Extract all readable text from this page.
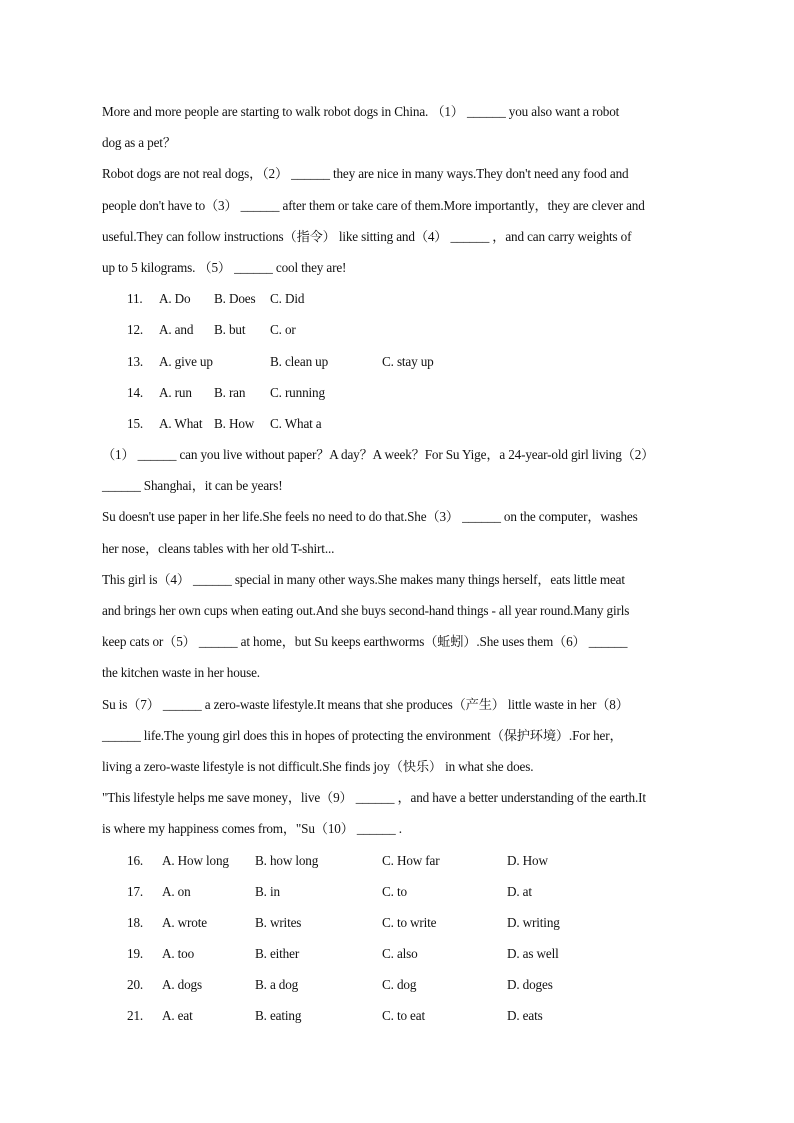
More and more people are starting to walk robot dogs in China. （1） ______ you also want a robot
dog as a pet？
Robot dogs are not real dogs，（2） ______ they are nice in many ways.They don't need any food and
people don't have to（3） ______ after them or take care of them.More importantly，they are clever and
useful.They can follow instructions（指令） like sitting and（4） ______ ，and can carry weights of
up to 5 kilograms. （5） ______ cool they are!
11. A. Do B. Does C. Did
12. A. and B. but C. or
13. A. give up	B. clean up	C. stay up
14. A. run B. ran C. running
15. A. What B. How C. What a
（1） ______ can you live without paper？A day？A week？For Su Yige，a 24-year-old girl living（2）
______ Shanghai，it can be years!
Su doesn't use paper in her life.She feels no need to do that.She（3） ______ on the computer，washes
her nose，cleans tables with her old T-shirt...
This girl is（4） ______ special in many other ways.She makes many things herself，eats little meat
and brings her own cups when eating out.And she buys second-hand things - all year round.Many girls
keep cats or（5） ______ at home，but Su keeps earthworms（蚯蚓）.She uses them（6） ______
the kitchen waste in her house.
Su is（7） ______ a zero-waste lifestyle.It means that she produces（产生） little waste in her（8）
______ life.The young girl does this in hopes of protecting the environment（保护环境）.For her，
living a zero-waste lifestyle is not difficult.She finds joy（快乐） in what she does.
"This lifestyle helps me save money，live（9） ______ ，and have a better understanding of the earth.It
is where my happiness comes from，"Su（10） ______ .
16. A. How long B. how long	C. How far	D. How
17. A. on	B. in	C. to	D. at
18. A. wrote	B. writes	C. to write	D. writing
19. A. too	B. either	C. also	D. as well
20. A. dogs	B. a dog	C. dog	D. doges
21. A. eat	B. eating	C. to eat	D. eats
